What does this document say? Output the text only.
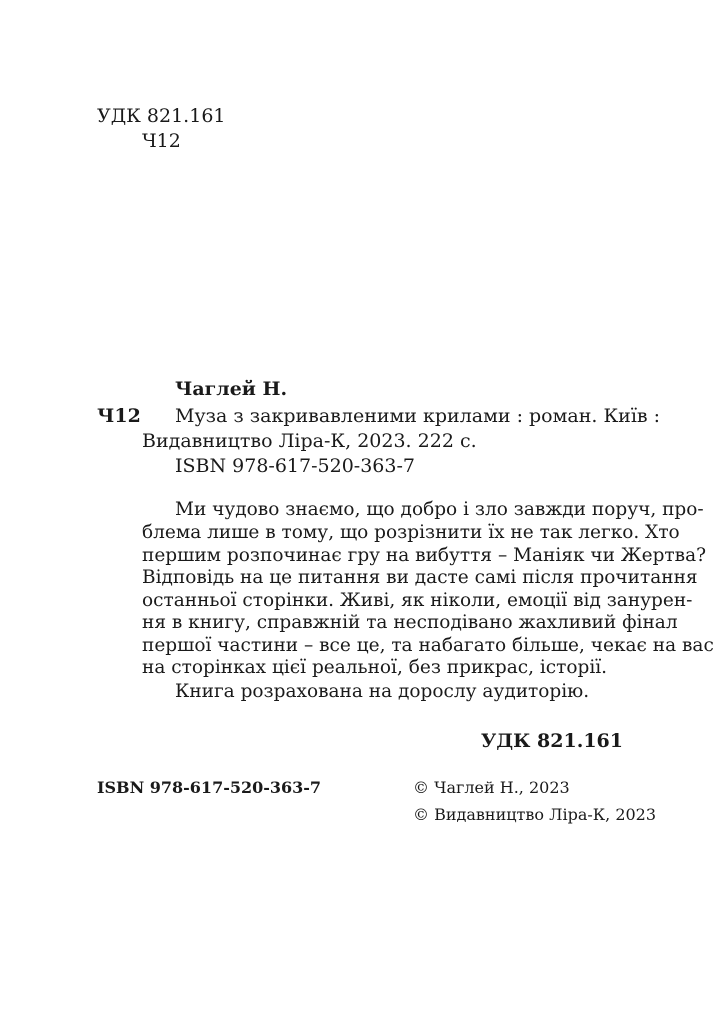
УДК 821.161
Ч12
Чаглей Н.
Ч12 Муза з закривавленими крилами : роман. Київ :
Видавництво Ліра-К, 2023. 222 с.
ISBN 978-617-520-363-7
Ми чудово знаємо, що добро і зло завжди поруч, про-
блема лише в тому, що розрізнити їх не так легко. Хто
першим розпочинає гру на вибуття – Маніяк чи Жертва?
Відповідь на це питання ви дасте самі після прочитання
останньої сторінки. Живі, як ніколи, емоції від занурен-
ня в книгу, справжній та несподівано жахливий фінал
першої частини – все це, та набагато більше, чекає на вас
на сторінках цієї реальної, без прикрас, історії.
Книга розрахована на дорослу аудиторію.
УДК 821.161
ISBN 978-617-520-363-7	© Чаглей Н., 2023
© Видавництво Ліра-К, 2023
